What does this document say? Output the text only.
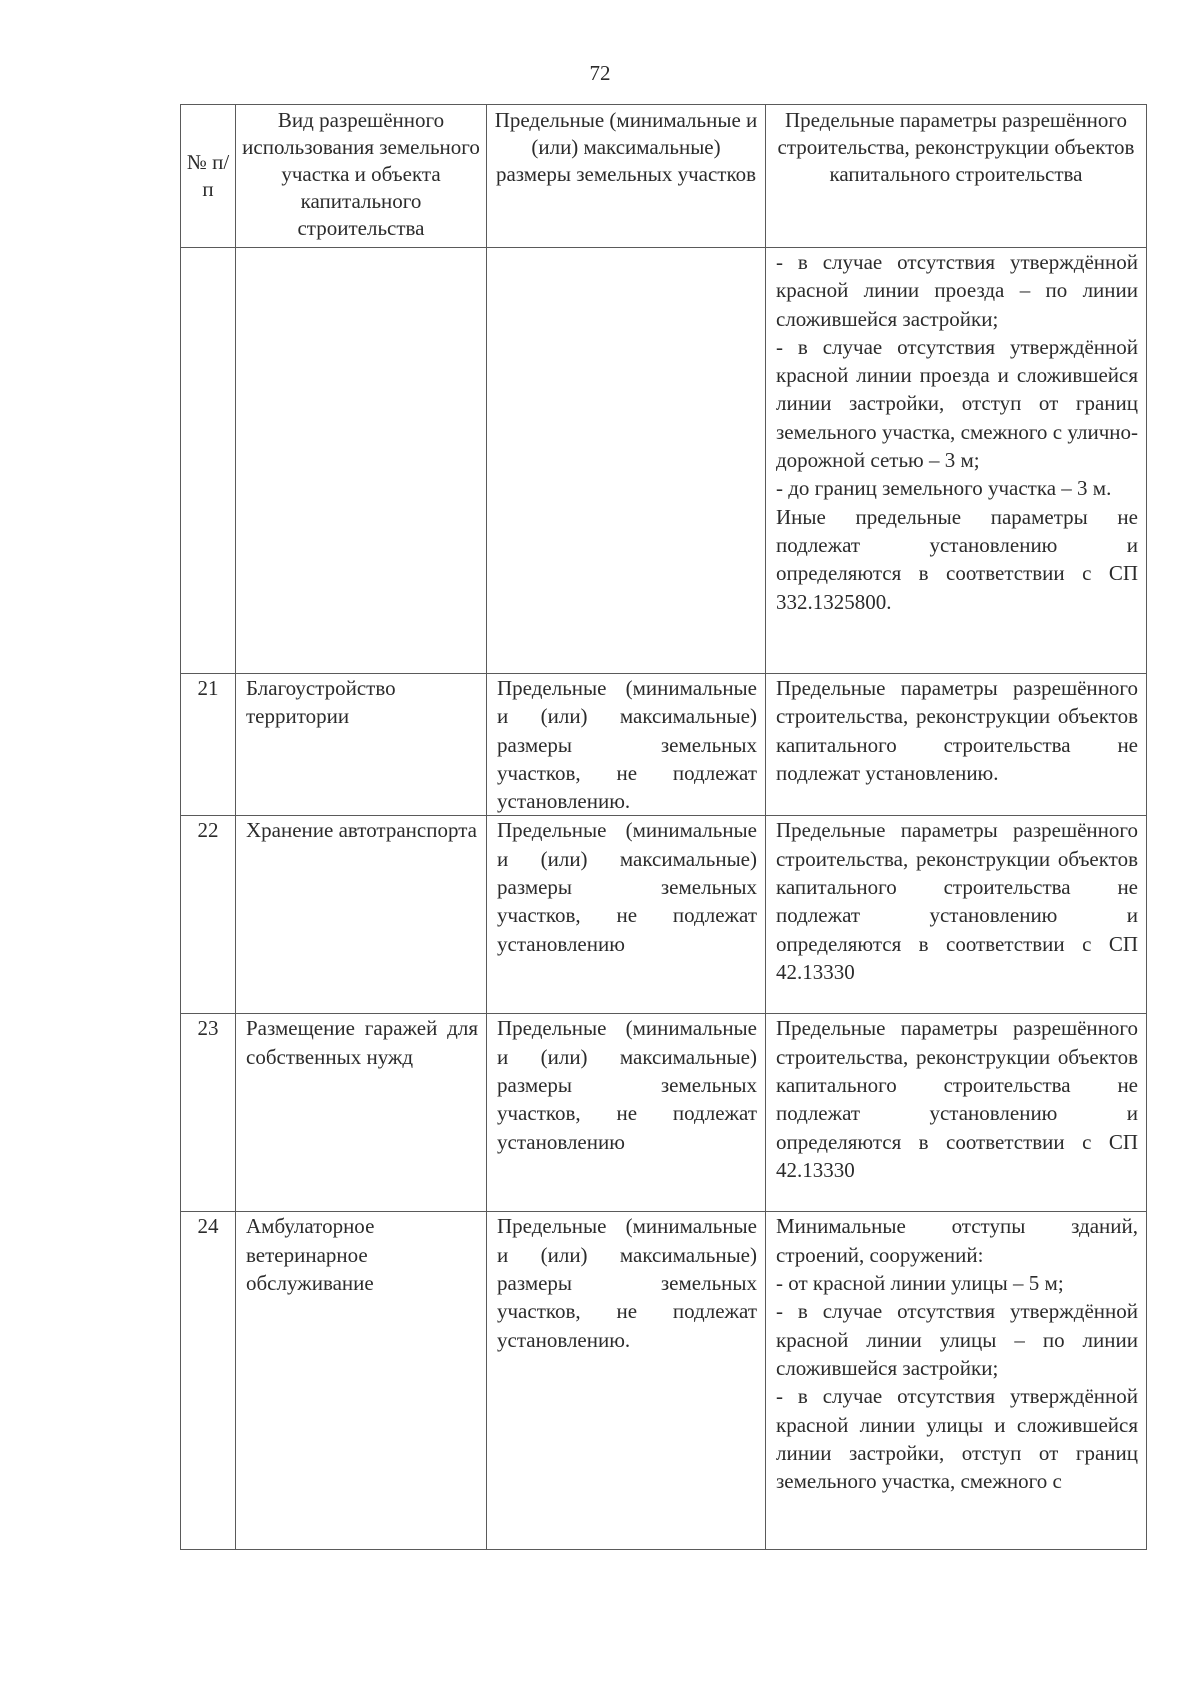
72
№ п/п	Вид разрешённого использования земельного участка и объекта капитального строительства	Предельные (минимальные и (или) максимальные) размеры земельных участков	Предельные параметры разрешённого строительства, реконструкции объектов капитального строительства

			- в случае отсутствия утверждённой красной линии проезда – по линии сложившейся застройки;
- в случае отсутствия утверждённой красной линии проезда и сложившейся линии застройки, отступ от границ земельного участка, смежного с улично-дорожной сетью – 3 м;
- до границ земельного участка – 3 м.
Иные предельные параметры не подлежат установлению и определяются в соответствии с СП 332.1325800.

21	Благоустройство территории	Предельные (минимальные и (или) максимальные) размеры земельных участков, не подлежат установлению.	Предельные параметры разрешённого строительства, реконструкции объектов капитального строительства не подлежат установлению.

22	Хранение автотранспорта	Предельные (минимальные и (или) максимальные) размеры земельных участков, не подлежат установлению	Предельные параметры разрешённого строительства, реконструкции объектов капитального строительства не подлежат установлению и определяются в соответствии с СП 42.13330

23	Размещение гаражей для собственных нужд	Предельные (минимальные и (или) максимальные) размеры земельных участков, не подлежат установлению	Предельные параметры разрешённого строительства, реконструкции объектов капитального строительства не подлежат установлению и определяются в соответствии с СП 42.13330

24	Амбулаторное ветеринарное обслуживание	Предельные (минимальные и (или) максимальные) размеры земельных участков, не подлежат установлению.	Минимальные отступы зданий, строений, сооружений:
- от красной линии улицы – 5 м;
- в случае отсутствия утверждённой красной линии улицы – по линии сложившейся застройки;
- в случае отсутствия утверждённой красной линии улицы и сложившейся линии застройки, отступ от границ земельного участка, смежного с
